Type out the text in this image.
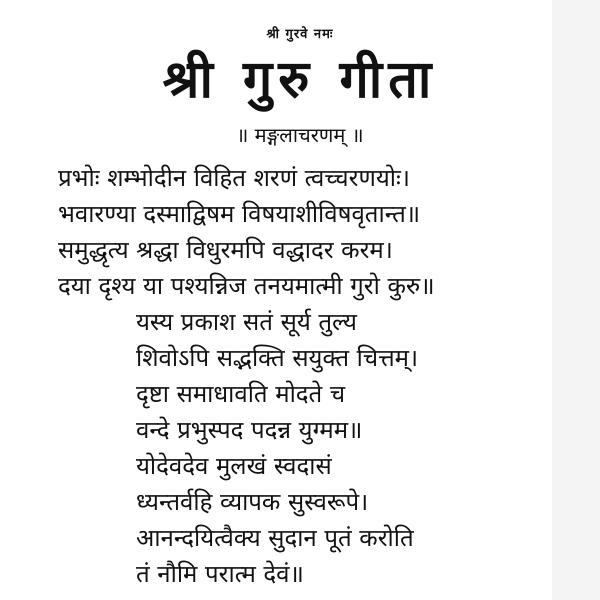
श्री गुरवे नमः
श्री गुरु गीता
॥ मङ्गलाचरणम् ॥
प्रभोः शम्भोदीन विहित शरणं त्वच्चरणयोः।
भवारण्या दस्माद्विषम विषयाशीविषवृतान्त॥
समुद्धृत्य श्रद्धा विधुरमपि वद्धादर करम।
दया दृश्य या पश्यन्निज तनयमात्मी गुरो कुरु॥
यस्य प्रकाश सतं सूर्य तुल्य
शिवोऽपि सद्भक्ति सयुक्त चित्तम्।
दृष्टा समाधावति मोदते च
वन्दे प्रभुस्पद पदन्न युग्मम॥
योदेवदेव मुलखं स्वदासं
ध्यन्तर्वहि व्यापक सुस्वरूपे।
आनन्दयित्वैक्य सुदान पूतं करोति
तं नौमि परात्म देवं॥
